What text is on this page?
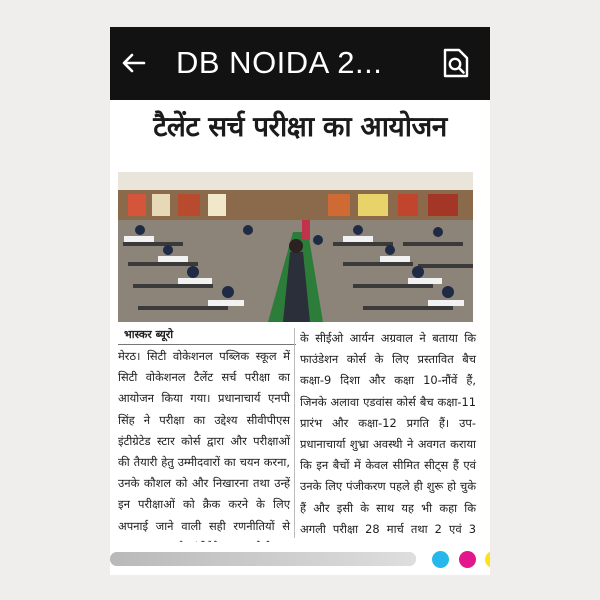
DB NOIDA 2...
टैलेंट सर्च परीक्षा का आयोजन
भास्कर ब्यूरो
मेरठ। सिटी वोकेशनल पब्लिक स्कूल में सिटी वोकेशनल टैलेंट सर्च परीक्षा का आयोजन किया गया। प्रधानाचार्य एनपी सिंह ने परीक्षा का उद्देश्य सीवीपीएस इंटीग्रेटेड स्टार कोर्स द्वारा और परीक्षाओं की तैयारी हेतु उम्मीदवारों का चयन करना, उनके कौशल को और निखारना तथा उन्हें इन परीक्षाओं को क्रैक करने के लिए अपनाई जाने वाली सही रणनीतियों से
के सीईओ आर्यन अग्रवाल ने बताया कि फाउंडेशन कोर्स के लिए प्रस्तावित बैच कक्षा-9 दिशा और कक्षा 10-नौंवें हैं, जिनके अलावा एडवांस कोर्स बैच कक्षा-11 प्रारंभ और कक्षा-12 प्रगति हैं। उप-प्रधानाचार्या शुभ्रा अवस्थी ने अवगत कराया कि इन बैचों में केवल सीमित सीट्स हैं एवं उनके लिए पंजीकरण पहले ही शुरू हो चुके हैं और इसी के साथ यह भी कहा कि अगली परीक्षा 28 मार्च तथा 2 एवं 3
